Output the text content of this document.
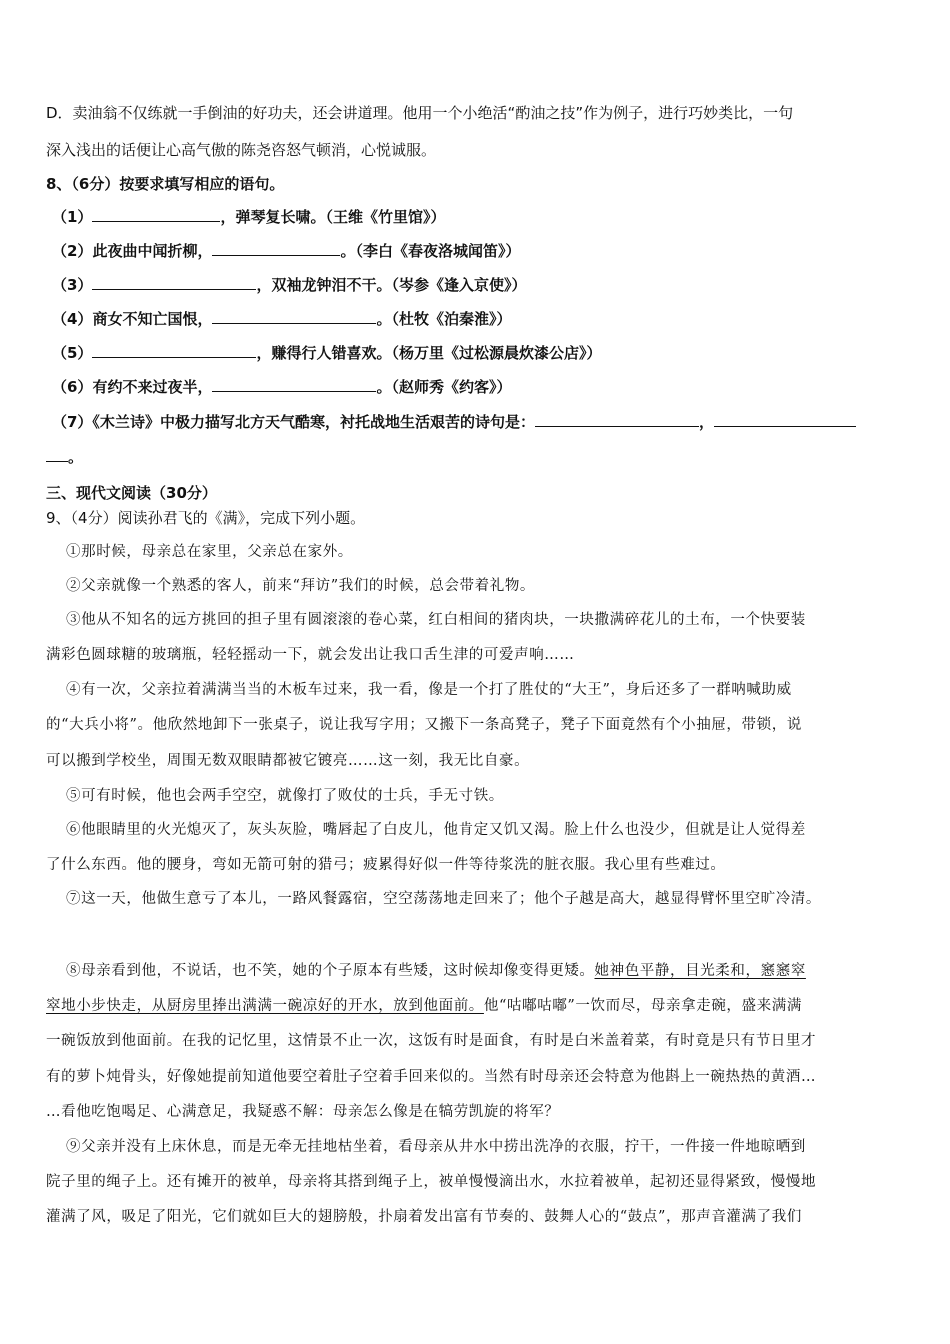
D．卖油翁不仅练就一手倒油的好功夫，还会讲道理。他用一个小绝活“酌油之技”作为例子，进行巧妙类比，一句
深入浅出的话便让心高气傲的陈尧咨怒气顿消，心悦诚服。
8、（6分）按要求填写相应的语句。
（1）	，弹琴复长啸。（王维《竹里馆》）
（2）此夜曲中闻折柳，	。（李白《春夜洛城闻笛》）
（3）	，双袖龙钟泪不干。（岑参《逢入京使》）
（4）商女不知亡国恨，	。（杜牧《泊秦淮》）
（5）	，赚得行人错喜欢。（杨万里《过松源晨炊漆公店》）
（6）有约不来过夜半，	。（赵师秀《约客》）
（7）《木兰诗》中极力描写北方天气酷寒，衬托战地生活艰苦的诗句是：	，
。
三、现代文阅读（30分）
9、（4分）阅读孙君飞的《满》，完成下列小题。
①那时候，母亲总在家里，父亲总在家外。
②父亲就像一个熟悉的客人，前来“拜访”我们的时候，总会带着礼物。
③他从不知名的远方挑回的担子里有圆滚滚的卷心菜，红白相间的猪肉块，一块撒满碎花儿的土布，一个快要装
满彩色圆球糖的玻璃瓶，轻轻摇动一下，就会发出让我口舌生津的可爱声响……
④有一次，父亲拉着满满当当的木板车过来，我一看，像是一个打了胜仗的“大王”，身后还多了一群呐喊助威
的“大兵小将”。他欣然地卸下一张桌子，说让我写字用；又搬下一条高凳子，凳子下面竟然有个小抽屉，带锁，说
可以搬到学校坐，周围无数双眼睛都被它镀亮……这一刻，我无比自豪。
⑤可有时候，他也会两手空空，就像打了败仗的士兵，手无寸铁。
⑥他眼睛里的火光熄灭了，灰头灰脸，嘴唇起了白皮儿，他肯定又饥又渴。脸上什么也没少，但就是让人觉得差
了什么东西。他的腰身，弯如无箭可射的猎弓；疲累得好似一件等待浆洗的脏衣服。我心里有些难过。
⑦这一天，他做生意亏了本儿，一路风餐露宿，空空荡荡地走回来了；他个子越是高大，越显得臂怀里空旷冷清。
⑧母亲看到他，不说话，也不笑，她的个子原本有些矮，这时候却像变得更矮。她神色平静，目光柔和，窸窸窣
窣地小步快走，从厨房里捧出满满一碗凉好的开水，放到他面前。他“咕嘟咕嘟”一饮而尽，母亲拿走碗，盛来满满
一碗饭放到他面前。在我的记忆里，这情景不止一次，这饭有时是面食，有时是白米盖着菜，有时竟是只有节日里才
有的萝卜炖骨头，好像她提前知道他要空着肚子空着手回来似的。当然有时母亲还会特意为他斟上一碗热热的黄酒…
…看他吃饱喝足、心满意足，我疑惑不解：母亲怎么像是在犒劳凯旋的将军？
⑨父亲并没有上床休息，而是无牵无挂地枯坐着，看母亲从井水中捞出洗净的衣服，拧干，一件接一件地晾晒到
院子里的绳子上。还有摊开的被单，母亲将其搭到绳子上，被单慢慢滴出水，水拉着被单，起初还显得紧致，慢慢地
灌满了风，吸足了阳光，它们就如巨大的翅膀般，扑扇着发出富有节奏的、鼓舞人心的“鼓点”，那声音灌满了我们
